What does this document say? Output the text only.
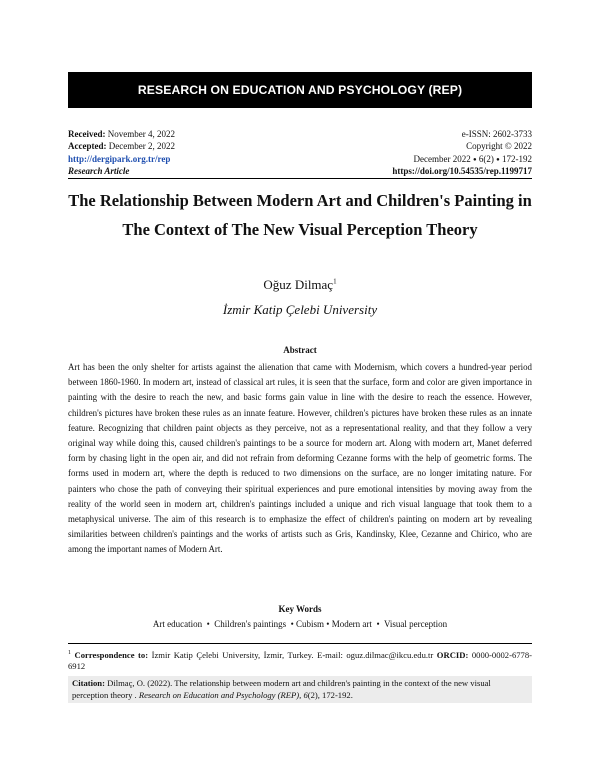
RESEARCH ON EDUCATION AND PSYCHOLOGY (REP)
Received: November 4, 2022
Accepted: December 2, 2022
http://dergipark.org.tr/rep
e-ISSN: 2602-3733
Copyright © 2022
December 2022 ● 6(2) ● 172-192
Research Article	https://doi.org/10.54535/rep.1199717
The Relationship Between Modern Art and Children's Painting in The Context of The New Visual Perception Theory
Oğuz Dilmaç$^1$
İzmir Katip Çelebi University
Abstract

Art has been the only shelter for artists against the alienation that came with Modernism, which covers a hundred-year period between 1860-1960. In modern art, instead of classical art rules, it is seen that the surface, form and color are given importance in painting with the desire to reach the new, and basic forms gain value in line with the desire to reach the essence. However, children's pictures have broken these rules as an innate feature. However, children's pictures have broken these rules as an innate feature. Recognizing that children paint objects as they perceive, not as a representational reality, and that they follow a very original way while doing this, caused children's paintings to be a source for modern art. Along with modern art, Manet deferred form by chasing light in the open air, and did not refrain from deforming Cezanne forms with the help of geometric forms. The forms used in modern art, where the depth is reduced to two dimensions on the surface, are no longer imitating nature. For painters who chose the path of conveying their spiritual experiences and pure emotional intensities by moving away from the reality of the world seen in modern art, children's paintings included a unique and rich visual language that took them to a metaphysical universe. The aim of this research is to emphasize the effect of children's painting on modern art by revealing similarities between children's paintings and the works of artists such as Gris, Kandinsky, Klee, Cezanne and Chirico, who are among the important names of Modern Art.

Key Words
Art education • Children's paintings • Cubism • Modern art • Visual perception

$^1$ Correspondence to: İzmir Katip Çelebi University, İzmir, Turkey. E-mail: oguz.dilmac@ikcu.edu.tr ORCID: 0000-0002-6778-6912

Citation: Dilmaç, O. (2022). The relationship between modern art and children's painting in the context of the new visual perception theory . Research on Education and Psychology (REP), 6(2), 172-192.
